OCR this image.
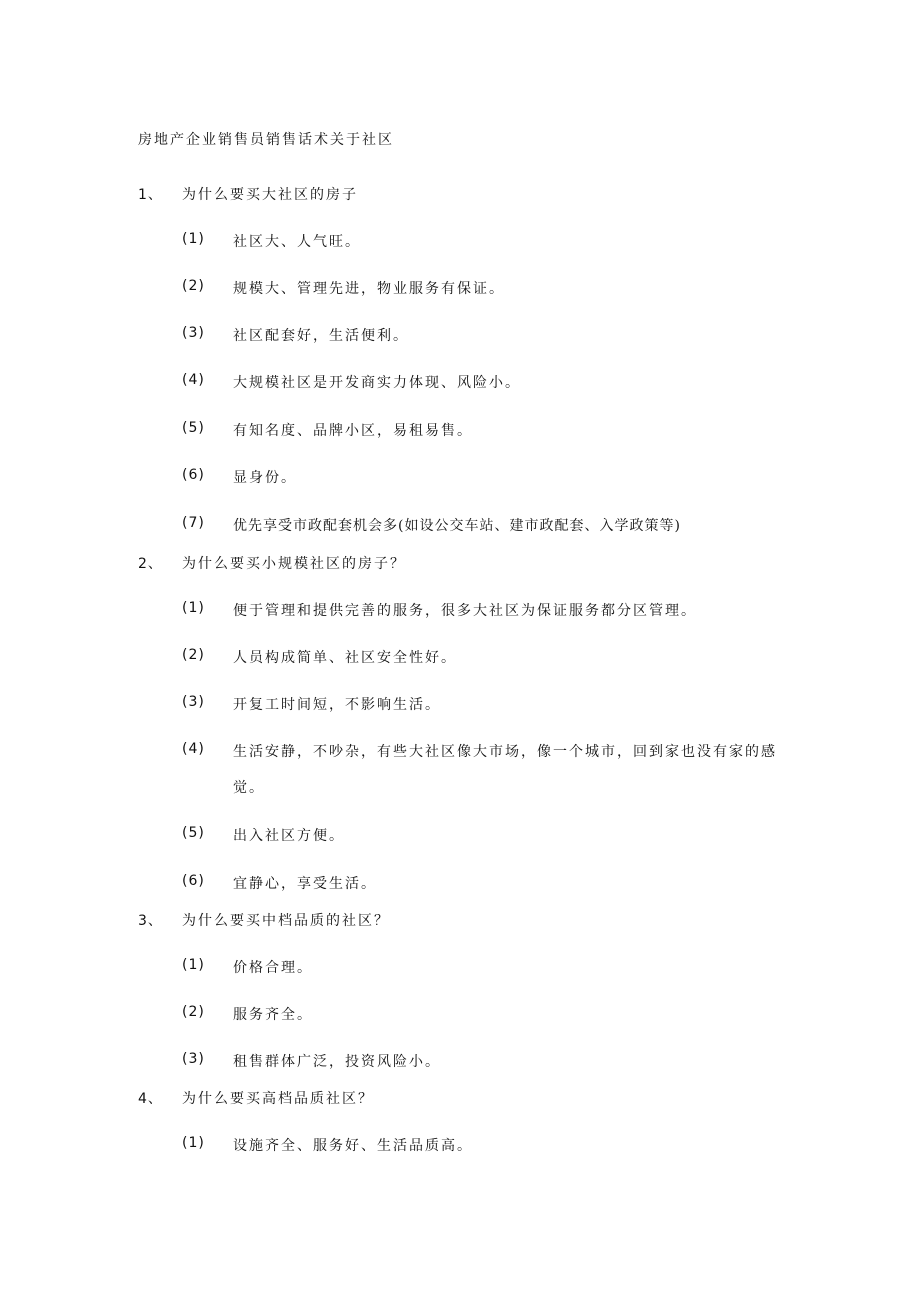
房地产企业销售员销售话术关于社区
1、 为什么要买大社区的房子
(1) 社区大、人气旺。
(2) 规模大、管理先进，物业服务有保证。
(3) 社区配套好，生活便利。
(4) 大规模社区是开发商实力体现、风险小。
(5) 有知名度、品牌小区，易租易售。
(6) 显身份。
(7) 优先享受市政配套机会多(如设公交车站、建市政配套、入学政策等)
2、 为什么要买小规模社区的房子？
(1) 便于管理和提供完善的服务，很多大社区为保证服务都分区管理。
(2) 人员构成简单、社区安全性好。
(3) 开复工时间短，不影响生活。
(4) 生活安静，不吵杂，有些大社区像大市场，像一个城市，回到家也没有家的感
觉。
(5) 出入社区方便。
(6) 宜静心，享受生活。
3、 为什么要买中档品质的社区？
(1) 价格合理。
(2) 服务齐全。
(3) 租售群体广泛，投资风险小。
4、 为什么要买高档品质社区？
(1) 设施齐全、服务好、生活品质高。
